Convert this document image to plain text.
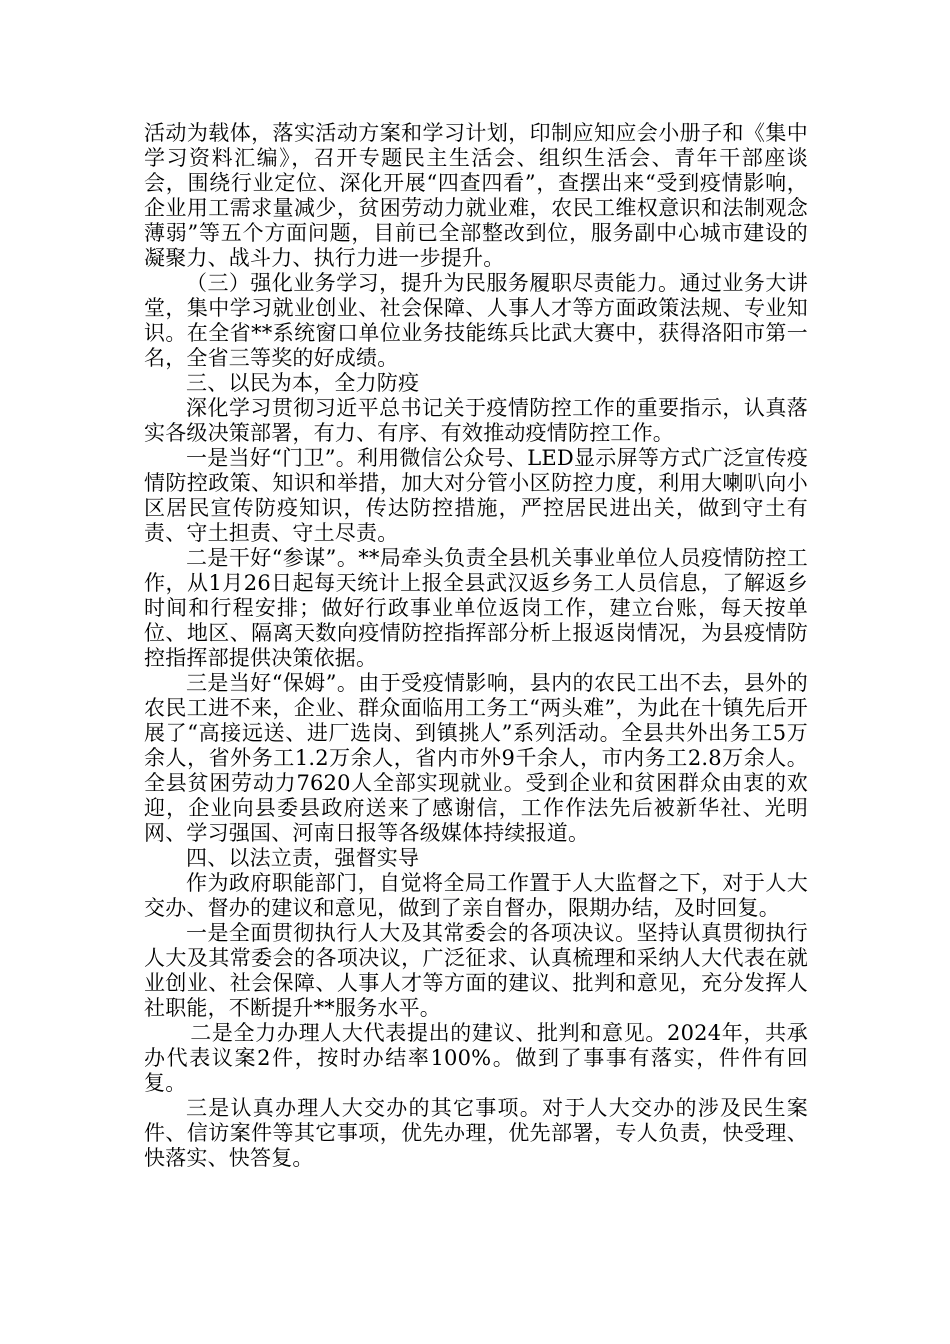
活动为载体，落实活动方案和学习计划，印制应知应会小册子和《集中学习资料汇编》，召开专题民主生活会、组织生活会、青年干部座谈会，围绕行业定位、深化开展“四查四看”，查摆出来“受到疫情影响，企业用工需求量减少，贫困劳动力就业难，农民工维权意识和法制观念薄弱”等五个方面问题，目前已全部整改到位，服务副中心城市建设的凝聚力、战斗力、执行力进一步提升。

（三）强化业务学习，提升为民服务履职尽责能力。通过业务大讲堂，集中学习就业创业、社会保障、人事人才等方面政策法规、专业知识。在全省**系统窗口单位业务技能练兵比武大赛中，获得洛阳市第一名，全省三等奖的好成绩。

三、以民为本，全力防疫

深化学习贯彻习近平总书记关于疫情防控工作的重要指示，认真落实各级决策部署，有力、有序、有效推动疫情防控工作。

一是当好“门卫”。利用微信公众号、LED显示屏等方式广泛宣传疫情防控政策、知识和举措，加大对分管小区防控力度，利用大喇叭向小区居民宣传防疫知识，传达防控措施，严控居民进出关，做到守土有责、守土担责、守土尽责。

二是干好“参谋”。**局牵头负责全县机关事业单位人员疫情防控工作，从1月26日起每天统计上报全县武汉返乡务工人员信息，了解返乡时间和行程安排；做好行政事业单位返岗工作，建立台账，每天按单位、地区、隔离天数向疫情防控指挥部分析上报返岗情况，为县疫情防控指挥部提供决策依据。

三是当好“保姆”。由于受疫情影响，县内的农民工出不去，县外的农民工进不来，企业、群众面临用工务工“两头难”，为此在十镇先后开展了“高接远送、进厂选岗、到镇挑人”系列活动。全县共外出务工5万余人，省外务工1.2万余人，省内市外9千余人，市内务工2.8万余人。全县贫困劳动力7620人全部实现就业。受到企业和贫困群众由衷的欢迎，企业向县委县政府送来了感谢信，工作作法先后被新华社、光明网、学习强国、河南日报等各级媒体持续报道。

四、以法立责，强督实导

作为政府职能部门，自觉将全局工作置于人大监督之下，对于人大交办、督办的建议和意见，做到了亲自督办，限期办结，及时回复。

一是全面贯彻执行人大及其常委会的各项决议。坚持认真贯彻执行人大及其常委会的各项决议，广泛征求、认真梳理和采纳人大代表在就业创业、社会保障、人事人才等方面的建议、批判和意见，充分发挥人社职能，不断提升**服务水平。

二是全力办理人大代表提出的建议、批判和意见。2024年，共承办代表议案2件，按时办结率100%。做到了事事有落实，件件有回复。

三是认真办理人大交办的其它事项。对于人大交办的涉及民生案件、信访案件等其它事项，优先办理，优先部署，专人负责，快受理、快落实、快答复。
